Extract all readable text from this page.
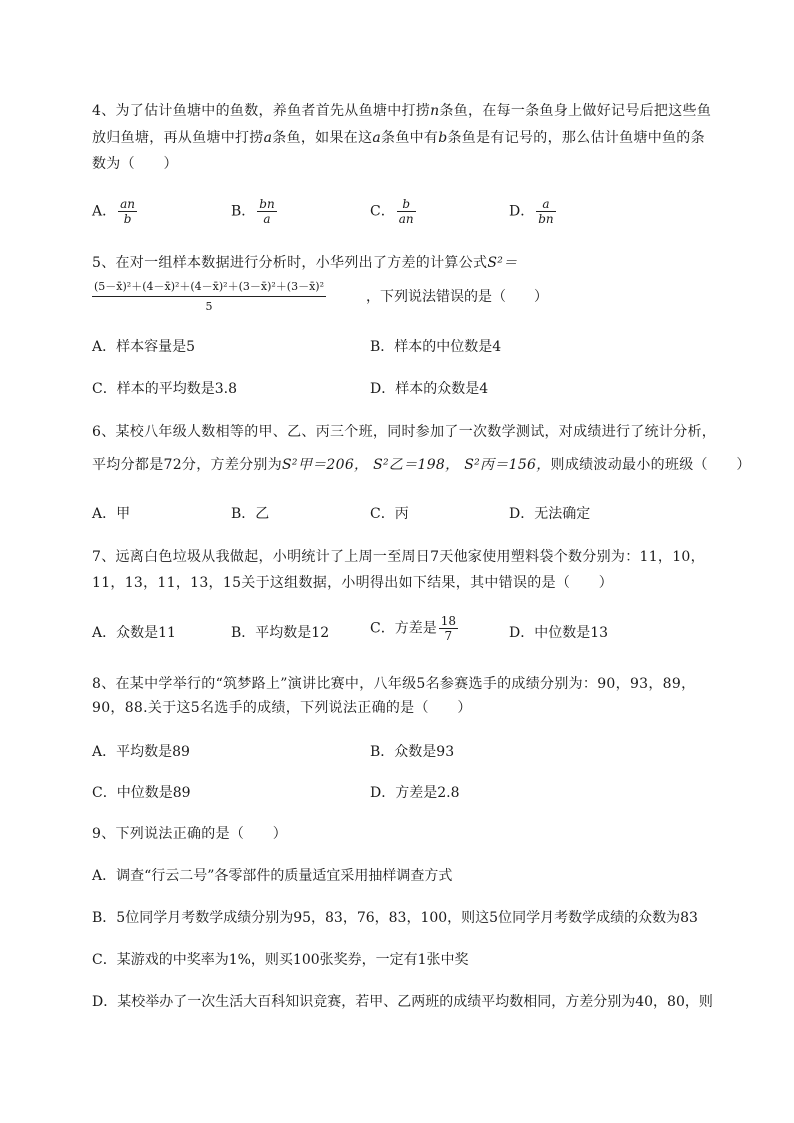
4、为了估计鱼塘中的鱼数，养鱼者首先从鱼塘中打捞n条鱼，在每一条鱼身上做好记号后把这些鱼
放归鱼塘，再从鱼塘中打捞a条鱼，如果在这a条鱼中有b条鱼是有记号的，那么估计鱼塘中鱼的条
数为（　　）
A． $\frac{an}{b}$	B． $\frac{bn}{a}$	C． $\frac{b}{an}$	D． $\frac{a}{bn}$
5、在对一组样本数据进行分析时，小华列出了方差的计算公式S²＝
$\frac{\text{(5－x̄)²＋(4－x̄)²＋(4－x̄)²＋(3－x̄)²＋(3－x̄)²}}{5}$	，下列说法错误的是（　　）
A．样本容量是5	B．样本的中位数是4
C．样本的平均数是3.8	D．样本的众数是4
6、某校八年级人数相等的甲、乙、丙三个班，同时参加了一次数学测试，对成绩进行了统计分析，
平均分都是72分，方差分别为S²甲＝206， S²乙＝198， S²丙＝156，则成绩波动最小的班级（　　）
A．甲	B．乙	C．丙	D．无法确定
7、远离白色垃圾从我做起，小明统计了上周一至周日7天他家使用塑料袋个数分别为：11，10，
11，13，11，13，15关于这组数据，小明得出如下结果，其中错误的是（　　）
A．众数是11	B．平均数是12	C．方差是 $\frac{18}{7}$	D．中位数是13
8、在某中学举行的“筑梦路上”演讲比赛中，八年级5名参赛选手的成绩分别为：90，93，89，
90，88.关于这5名选手的成绩，下列说法正确的是（　　）
A．平均数是89	B．众数是93
C．中位数是89	D．方差是2.8
9、下列说法正确的是（　　）
A．调查“行云二号”各零部件的质量适宜采用抽样调查方式
B．5位同学月考数学成绩分别为95，83，76，83，100，则这5位同学月考数学成绩的众数为83
C．某游戏的中奖率为1%，则买100张奖券，一定有1张中奖
D．某校举办了一次生活大百科知识竞赛，若甲、乙两班的成绩平均数相同，方差分别为40，80，则
